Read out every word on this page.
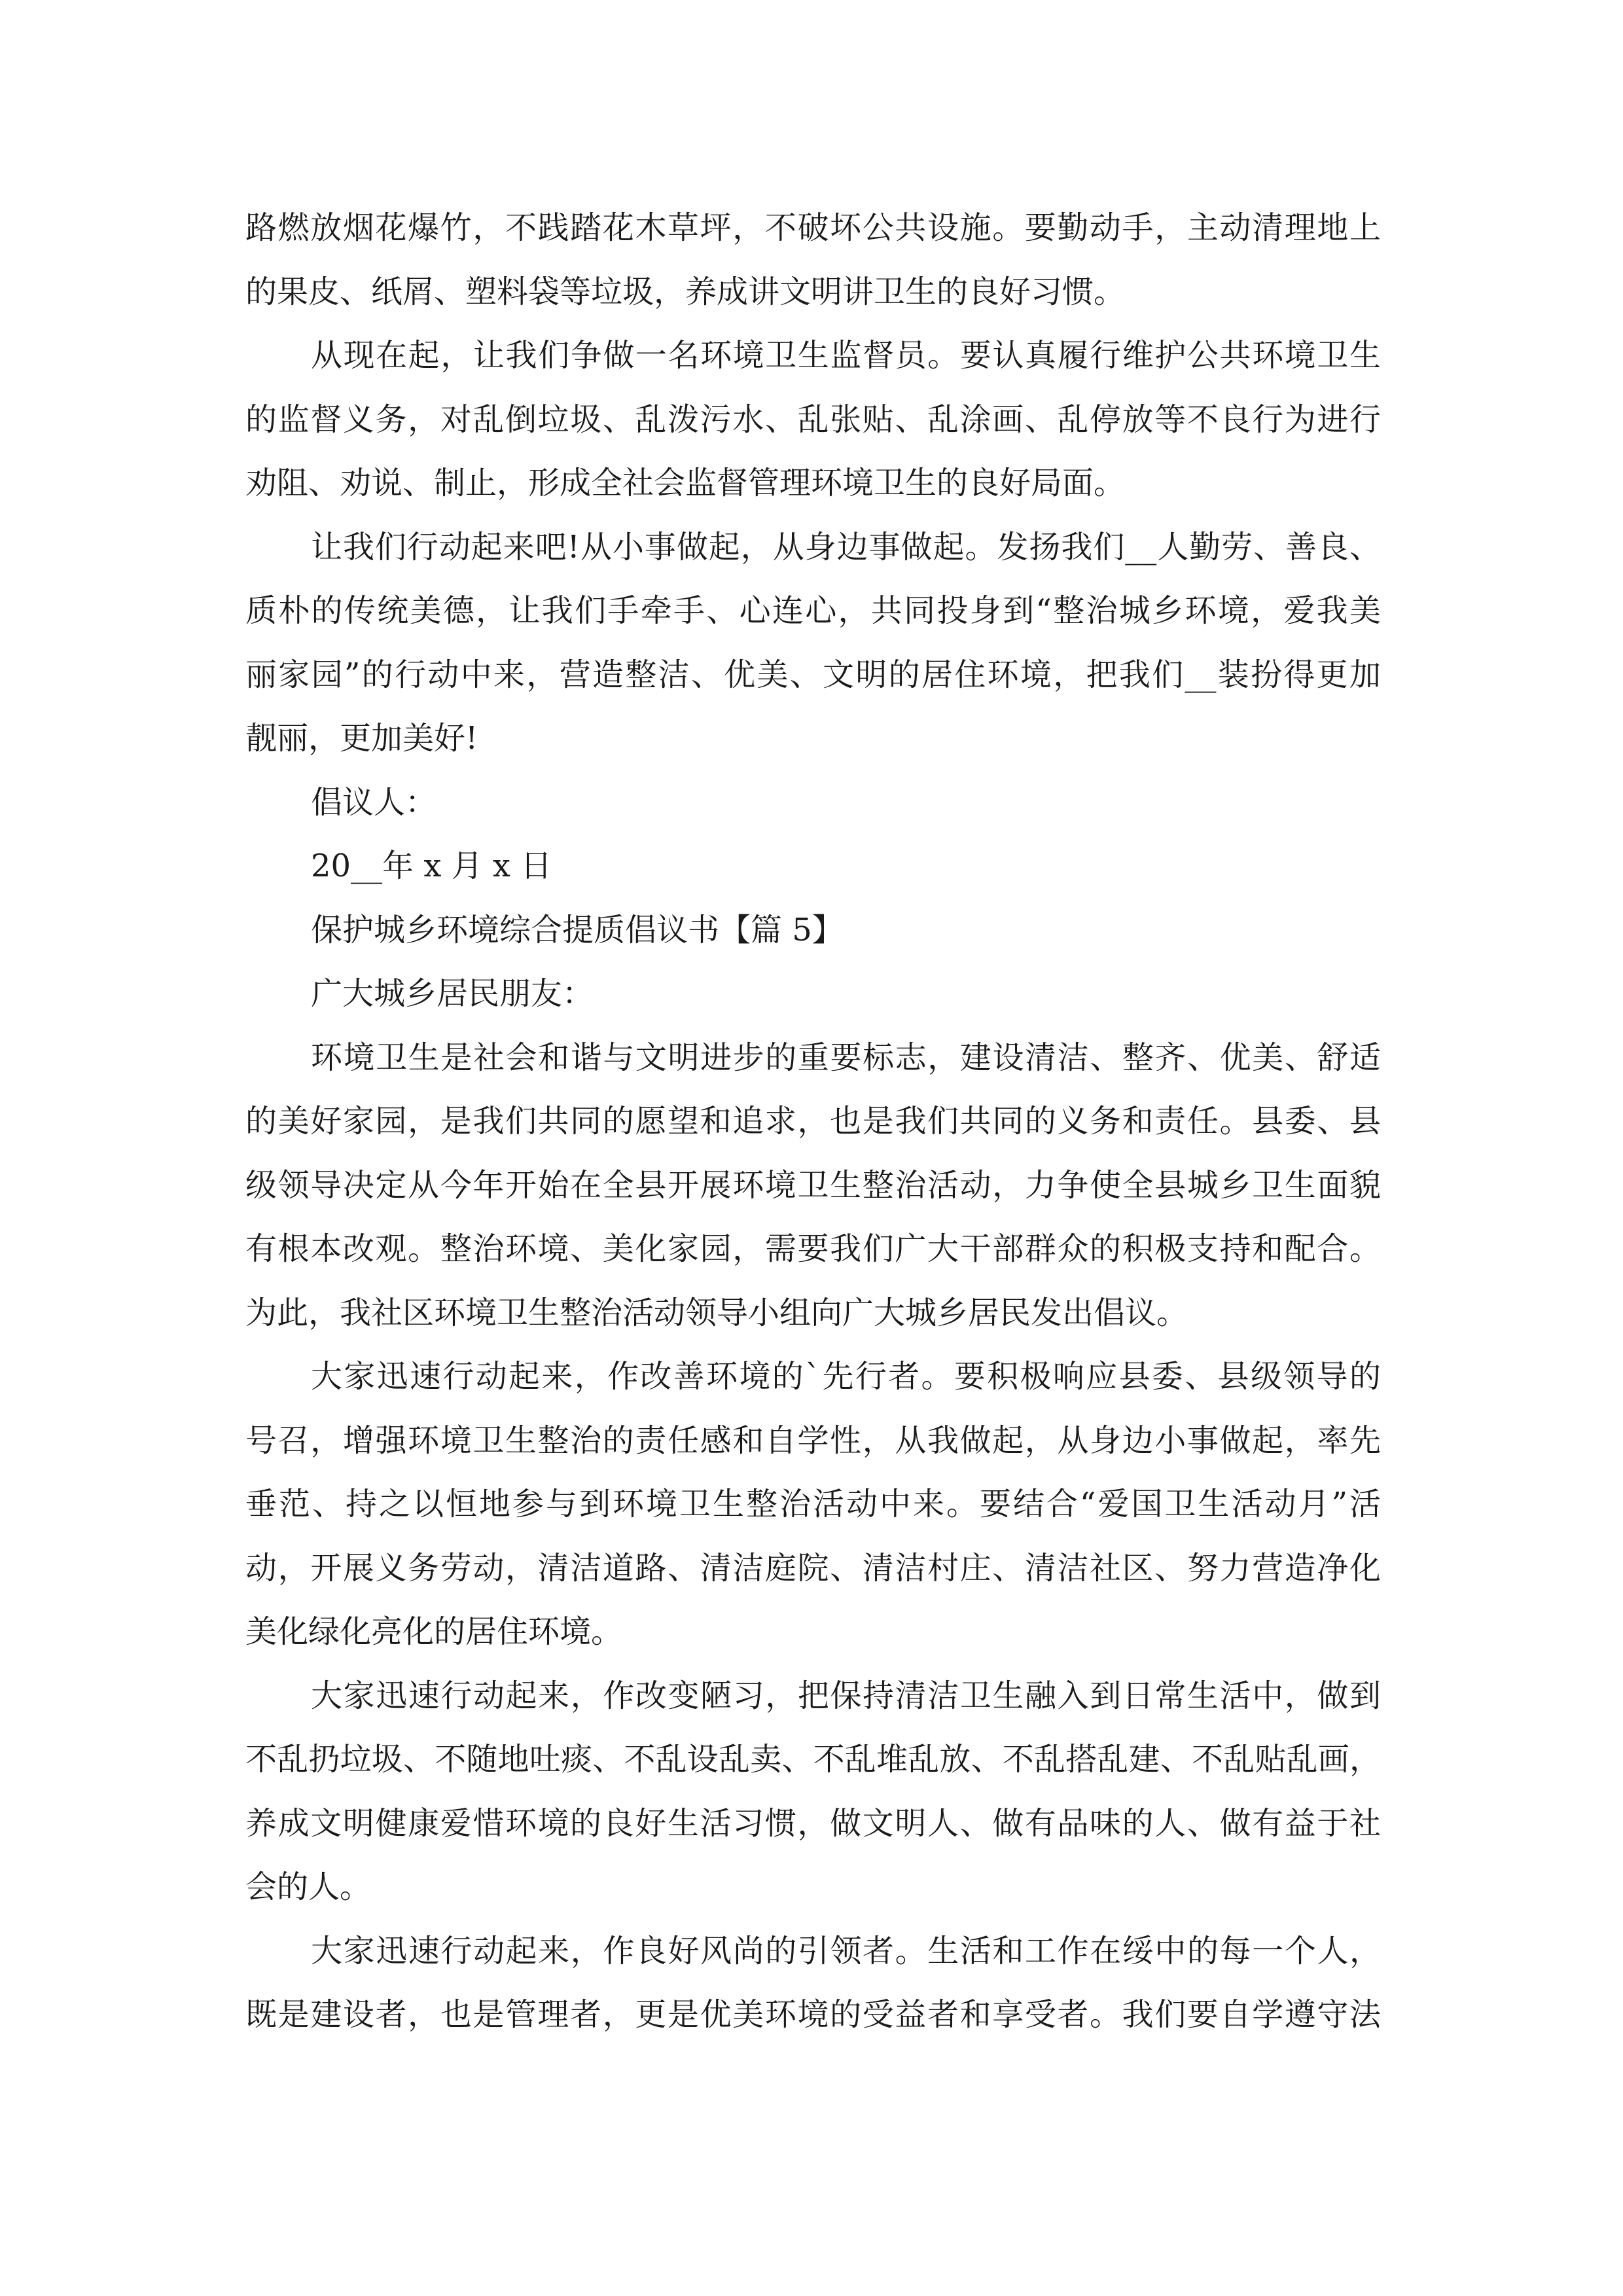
路燃放烟花爆竹，不践踏花木草坪，不破坏公共设施。要勤动手，主动清理地上
的果皮、纸屑、塑料袋等垃圾，养成讲文明讲卫生的良好习惯。
从现在起，让我们争做一名环境卫生监督员。要认真履行维护公共环境卫生
的监督义务，对乱倒垃圾、乱泼污水、乱张贴、乱涂画、乱停放等不良行为进行
劝阻、劝说、制止，形成全社会监督管理环境卫生的良好局面。
让我们行动起来吧!从小事做起，从身边事做起。发扬我们__人勤劳、善良、
质朴的传统美德，让我们手牵手、心连心，共同投身到“整治城乡环境，爱我美
丽家园”的行动中来，营造整洁、优美、文明的居住环境，把我们__装扮得更加
靓丽，更加美好!
倡议人：
20__年 x 月 x 日
保护城乡环境综合提质倡议书【篇 5】
广大城乡居民朋友：
环境卫生是社会和谐与文明进步的重要标志，建设清洁、整齐、优美、舒适
的美好家园，是我们共同的愿望和追求，也是我们共同的义务和责任。县委、县
级领导决定从今年开始在全县开展环境卫生整治活动，力争使全县城乡卫生面貌
有根本改观。整治环境、美化家园，需要我们广大干部群众的积极支持和配合。
为此，我社区环境卫生整治活动领导小组向广大城乡居民发出倡议。
大家迅速行动起来，作改善环境的`先行者。要积极响应县委、县级领导的
号召，增强环境卫生整治的责任感和自学性，从我做起，从身边小事做起，率先
垂范、持之以恒地参与到环境卫生整治活动中来。要结合“爱国卫生活动月”活
动，开展义务劳动，清洁道路、清洁庭院、清洁村庄、清洁社区、努力营造净化
美化绿化亮化的居住环境。
大家迅速行动起来，作改变陋习，把保持清洁卫生融入到日常生活中，做到
不乱扔垃圾、不随地吐痰、不乱设乱卖、不乱堆乱放、不乱搭乱建、不乱贴乱画，
养成文明健康爱惜环境的良好生活习惯，做文明人、做有品味的人、做有益于社
会的人。
大家迅速行动起来，作良好风尚的引领者。生活和工作在绥中的每一个人，
既是建设者，也是管理者，更是优美环境的受益者和享受者。我们要自学遵守法
